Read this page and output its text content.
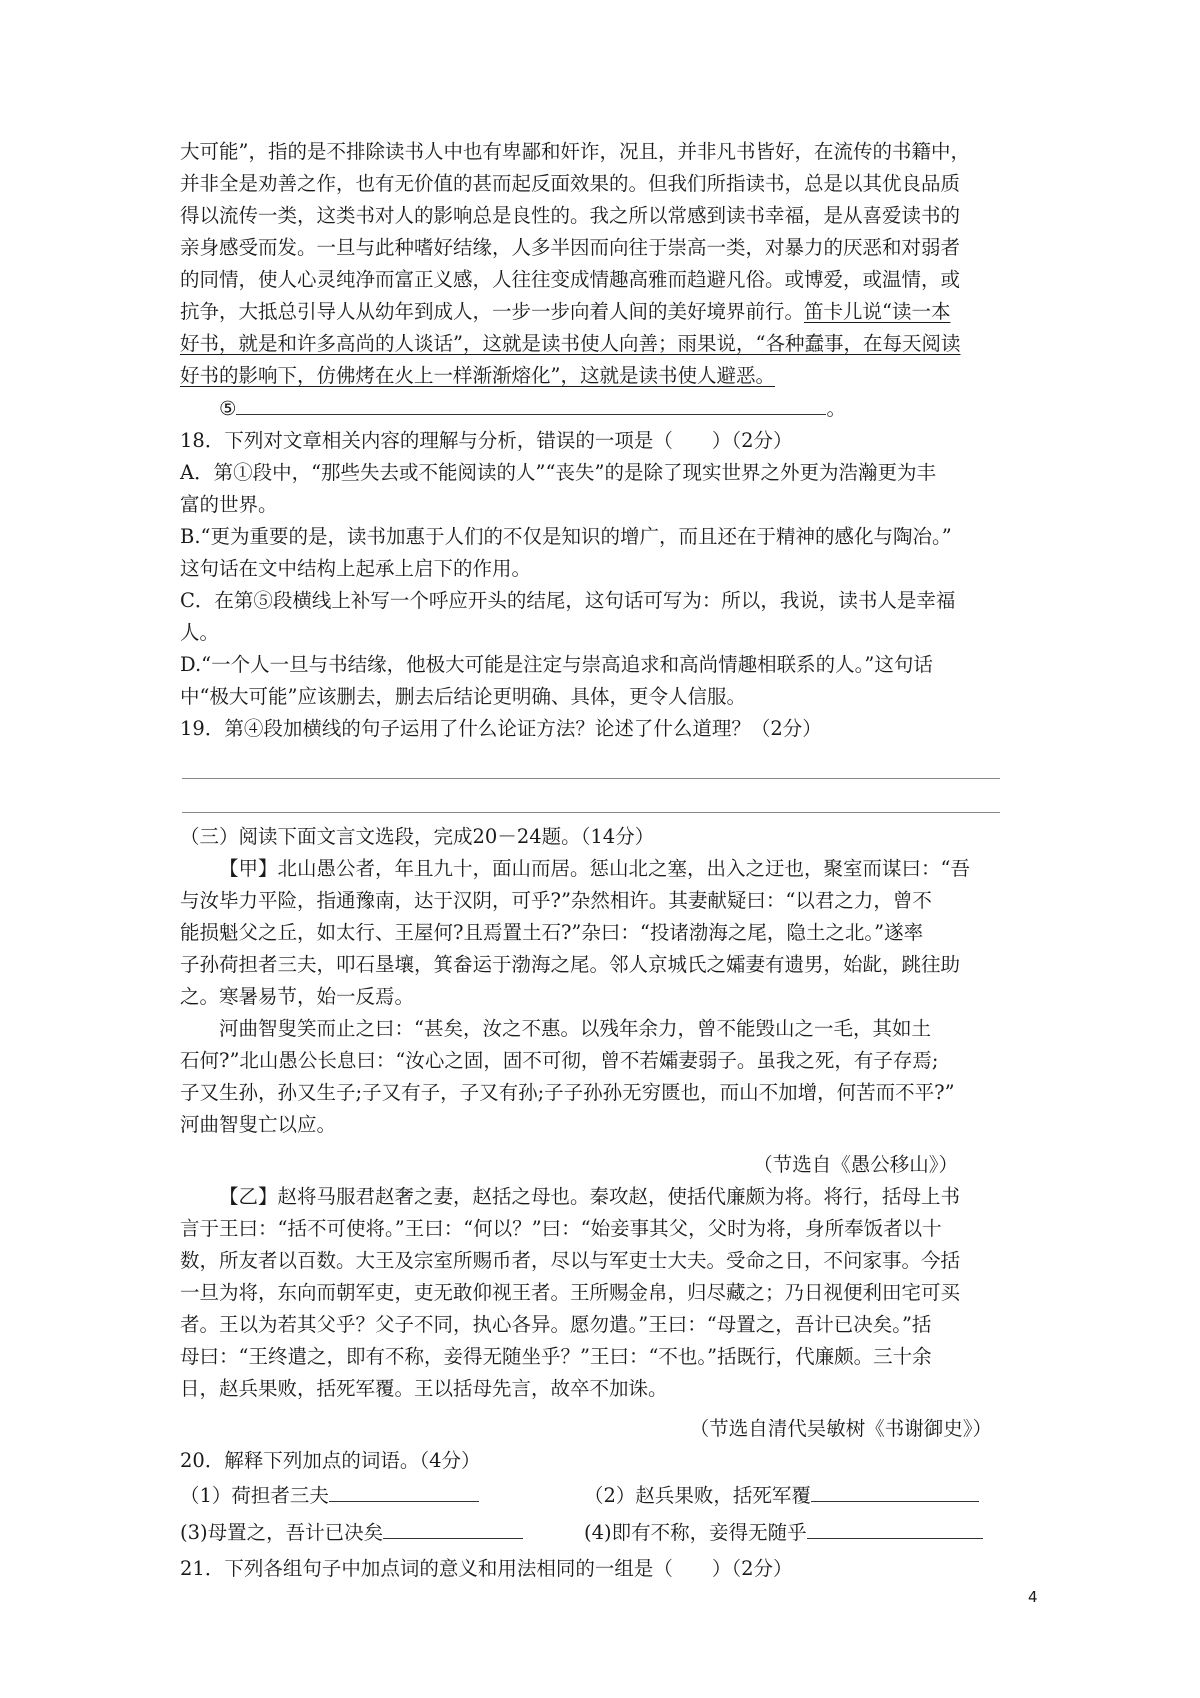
大可能”，指的是不排除读书人中也有卑鄙和奸诈，况且，并非凡书皆好，在流传的书籍中，

并非全是劝善之作，也有无价值的甚而起反面效果的。但我们所指读书，总是以其优良品质

得以流传一类，这类书对人的影响总是良性的。我之所以常感到读书幸福，是从喜爱读书的

亲身感受而发。一旦与此种嗜好结缘，人多半因而向往于崇高一类，对暴力的厌恶和对弱者

的同情，使人心灵纯净而富正义感，人往往变成情趣高雅而趋避凡俗。或博爱，或温情，或

抗争，大抵总引导人从幼年到成人，一步一步向着人间的美好境界前行。笛卡儿说“读一本

好书，就是和许多高尚的人谈话”，这就是读书使人向善；雨果说，“各种蠢事，在每天阅读

好书的影响下，仿佛烤在火上一样渐渐熔化”，这就是读书使人避恶。

⑤	。

18．下列对文章相关内容的理解与分析，错误的一项是（　　）（2分）

A．第①段中，“那些失去或不能阅读的人”“丧失”的是除了现实世界之外更为浩瀚更为丰

富的世界。

B.“更为重要的是，读书加惠于人们的不仅是知识的增广，而且还在于精神的感化与陶冶。”

这句话在文中结构上起承上启下的作用。

C．在第⑤段横线上补写一个呼应开头的结尾，这句话可写为：所以，我说，读书人是幸福

人。

D.“一个人一旦与书结缘，他极大可能是注定与崇高追求和高尚情趣相联系的人。”这句话

中“极大可能”应该删去，删去后结论更明确、具体，更令人信服。

19．第④段加横线的句子运用了什么论证方法？论述了什么道理？（2分）

（三）阅读下面文言文选段，完成20－24题。（14分）

【甲】北山愚公者，年且九十，面山而居。惩山北之塞，出入之迂也，聚室而谋曰：“吾

与汝毕力平险，指通豫南，达于汉阴，可乎?”杂然相许。其妻献疑曰：“以君之力，曾不

能损魁父之丘，如太行、王屋何?且焉置土石?”杂曰：“投诸渤海之尾，隐土之北。”遂率

子孙荷担者三夫，叩石垦壤，箕畚运于渤海之尾。邻人京城氏之孀妻有遗男，始龀，跳往助

之。寒暑易节，始一反焉。

河曲智叟笑而止之曰：“甚矣，汝之不惠。以残年余力，曾不能毁山之一毛，其如土

石何?”北山愚公长息曰：“汝心之固，固不可彻，曾不若孀妻弱子。虽我之死，有子存焉;

子又生孙，孙又生子;子又有子，子又有孙;子子孙孙无穷匮也，而山不加增，何苦而不平?”

河曲智叟亡以应。

（节选自《愚公移山》）

【乙】赵将马服君赵奢之妻，赵括之母也。秦攻赵，使括代廉颇为将。将行，括母上书

言于王曰：“括不可使将。”王曰：“何以？”曰：“始妾事其父，父时为将，身所奉饭者以十

数，所友者以百数。大王及宗室所赐币者，尽以与军吏士大夫。受命之日，不问家事。今括

一旦为将，东向而朝军吏，吏无敢仰视王者。王所赐金帛，归尽藏之；乃日视便利田宅可买

者。王以为若其父乎？父子不同，执心各异。愿勿遣。”王曰：“母置之，吾计已决矣。”括

母曰：“王终遣之，即有不称，妾得无随坐乎？”王曰：“不也。”括既行，代廉颇。三十余

日，赵兵果败，括死军覆。王以括母先言，故卒不加诛。

（节选自清代吴敏树《书谢御史》）

20．解释下列加点的词语。（4分）

（1）荷担者三夫	（2）赵兵果败，括死军覆
(3)母置之，吾计已决矣	(4)即有不称，妾得无随乎

21．下列各组句子中加点词的意义和用法相同的一组是（　　）（2分）

4
